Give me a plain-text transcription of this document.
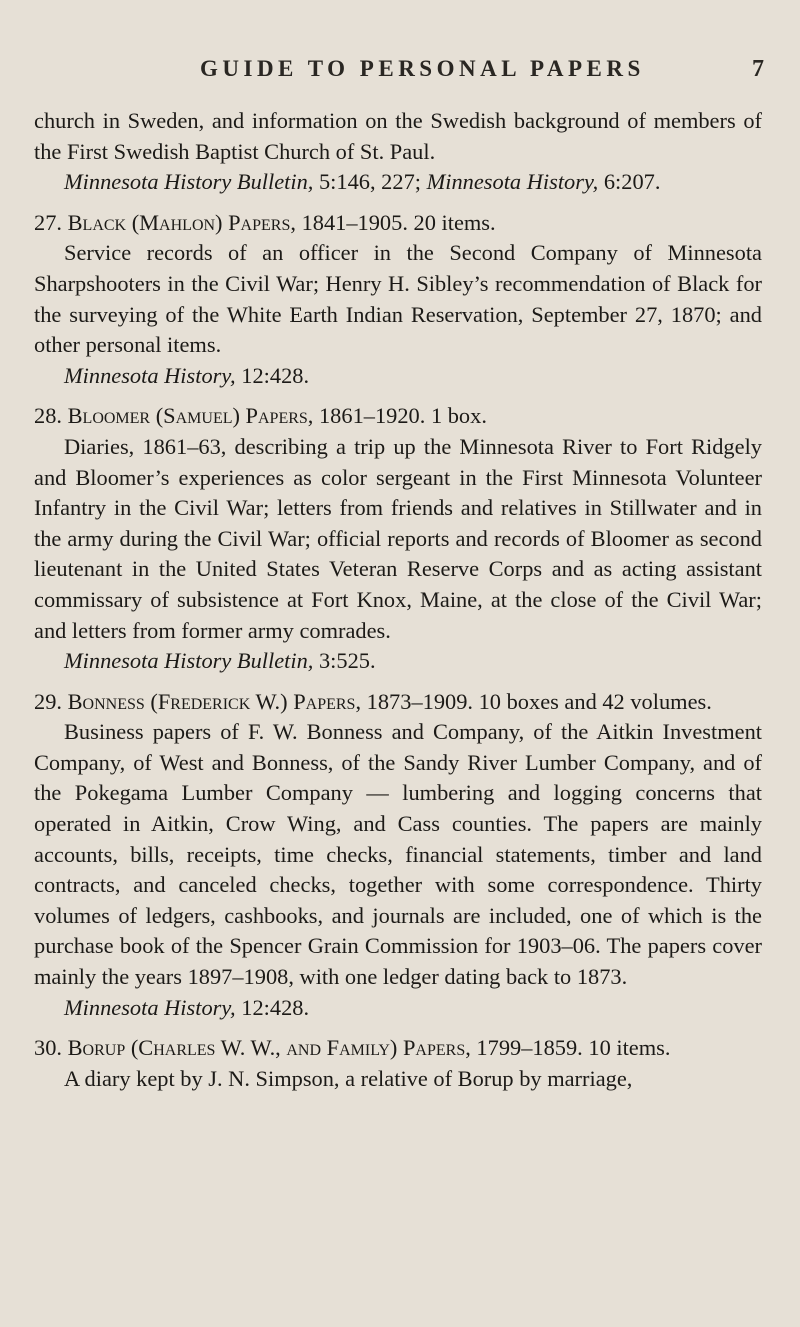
GUIDE TO PERSONAL PAPERS	7

church in Sweden, and information on the Swedish background of members of the First Swedish Baptist Church of St. Paul.

Minnesota History Bulletin, 5:146, 227; Minnesota History, 6:207.

27. Black (Mahlon) Papers, 1841–1905. 20 items.

Service records of an officer in the Second Company of Minnesota Sharpshooters in the Civil War; Henry H. Sibley’s recommendation of Black for the surveying of the White Earth Indian Reservation, September 27, 1870; and other personal items.

Minnesota History, 12:428.

28. Bloomer (Samuel) Papers, 1861–1920. 1 box.

Diaries, 1861–63, describing a trip up the Minnesota River to Fort Ridgely and Bloomer’s experiences as color sergeant in the First Minnesota Volunteer Infantry in the Civil War; letters from friends and relatives in Stillwater and in the army during the Civil War; official reports and records of Bloomer as second lieutenant in the United States Veteran Reserve Corps and as acting assistant commissary of subsistence at Fort Knox, Maine, at the close of the Civil War; and letters from former army comrades.

Minnesota History Bulletin, 3:525.

29. Bonness (Frederick W.) Papers, 1873–1909. 10 boxes and 42 volumes.

Business papers of F. W. Bonness and Company, of the Aitkin Investment Company, of West and Bonness, of the Sandy River Lumber Company, and of the Pokegama Lumber Company — lumbering and logging concerns that operated in Aitkin, Crow Wing, and Cass counties. The papers are mainly accounts, bills, receipts, time checks, financial statements, timber and land contracts, and canceled checks, together with some correspondence. Thirty volumes of ledgers, cashbooks, and journals are included, one of which is the purchase book of the Spencer Grain Commission for 1903–06. The papers cover mainly the years 1897–1908, with one ledger dating back to 1873.

Minnesota History, 12:428.

30. Borup (Charles W. W., and Family) Papers, 1799–1859. 10 items.

A diary kept by J. N. Simpson, a relative of Borup by marriage,
